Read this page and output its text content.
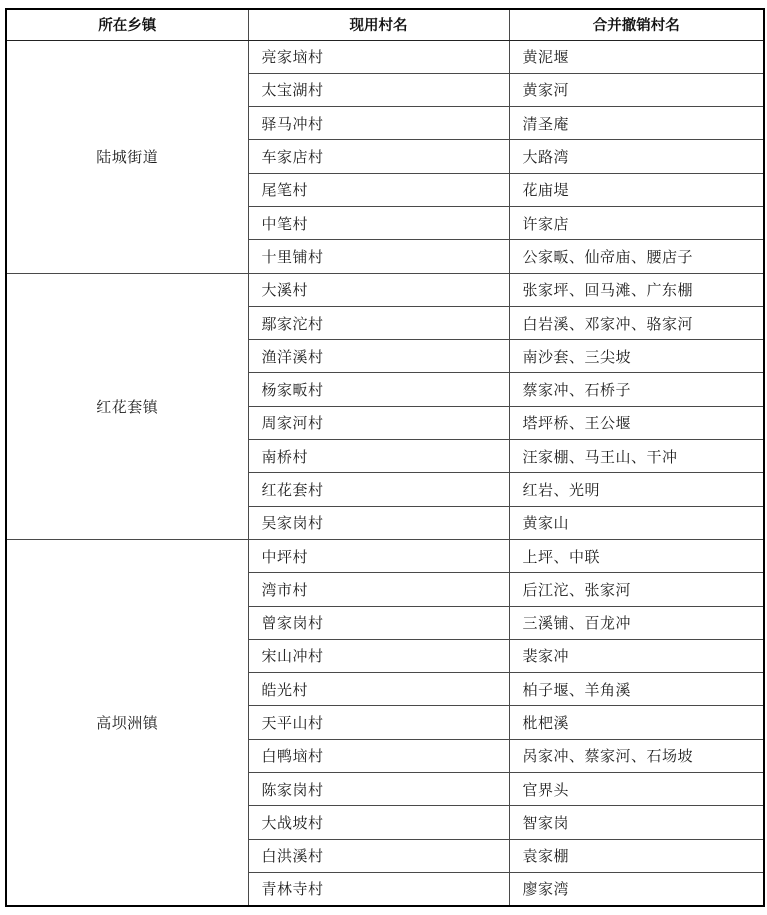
所在乡镇	现用村名	合并撤销村名
陆城街道	亮家垴村	黄泥堰
	太宝湖村	黄家河
	驿马冲村	清圣庵
	车家店村	大路湾
	尾笔村	花庙堤
	中笔村	许家店
	十里铺村	公家畈、仙帝庙、腰店子
红花套镇	大溪村	张家坪、回马滩、广东棚
	鄢家沱村	白岩溪、邓家冲、骆家河
	渔洋溪村	南沙套、三尖坡
	杨家畈村	蔡家冲、石桥子
	周家河村	塔坪桥、王公堰
	南桥村	汪家棚、马王山、干冲
	红花套村	红岩、光明
	吴家岗村	黄家山
高坝洲镇	中坪村	上坪、中联
	湾市村	后江沱、张家河
	曾家岗村	三溪铺、百龙冲
	宋山冲村	裴家冲
	皓光村	柏子堰、羊角溪
	天平山村	枇杷溪
	白鸭垴村	呙家冲、蔡家河、石场坡
	陈家岗村	官界头
	大战坡村	智家岗
	白洪溪村	袁家棚
	青林寺村	廖家湾
